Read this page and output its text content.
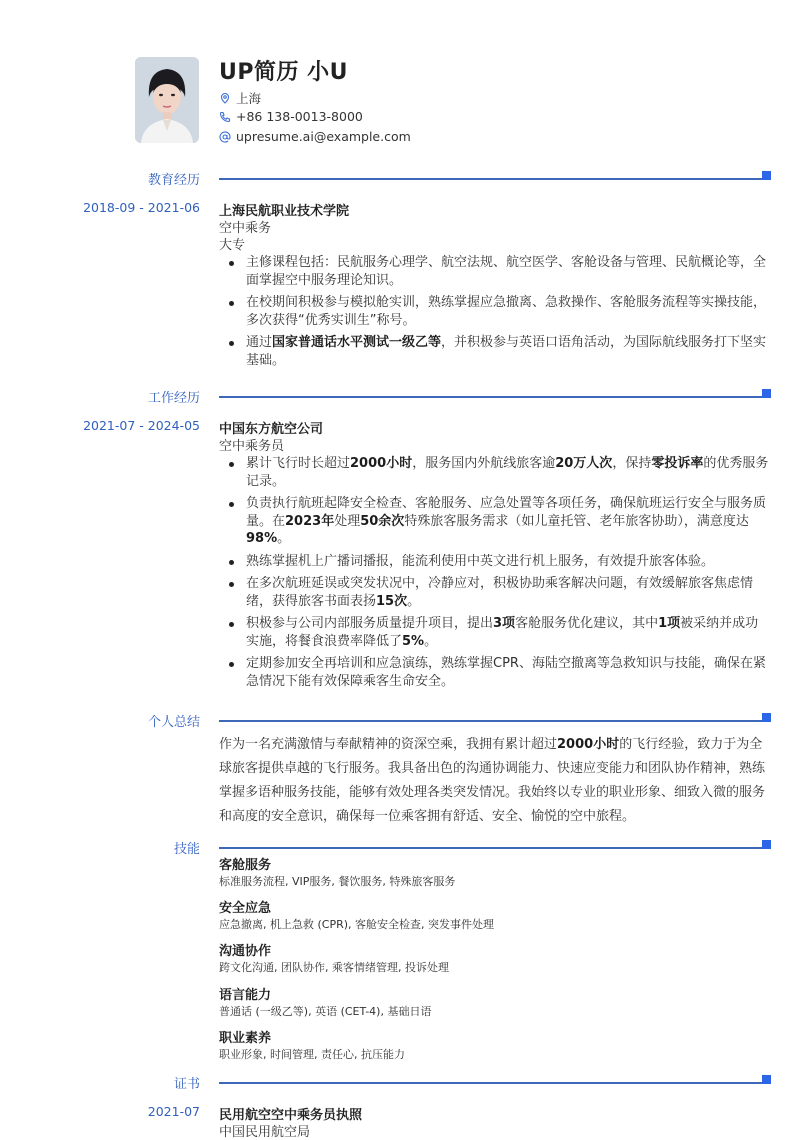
UP简历 小U
上海
+86 138-0013-8000
upresume.ai@example.com
教育经历
2018-09 - 2021-06 上海民航职业技术学院
空中乘务
大专
主修课程包括：民航服务心理学、航空法规、航空医学、客舱设备与管理、民航概论等，全面掌握空中服务理论知识。
在校期间积极参与模拟舱实训，熟练掌握应急撤离、急救操作、客舱服务流程等实操技能，多次获得“优秀实训生”称号。
通过国家普通话水平测试一级乙等，并积极参与英语口语角活动，为国际航线服务打下坚实基础。
工作经历
2021-07 - 2024-05 中国东方航空公司
空中乘务员
累计飞行时长超过2000小时，服务国内外航线旅客逾20万人次，保持零投诉率的优秀服务记录。
负责执行航班起降安全检查、客舱服务、应急处置等各项任务，确保航班运行安全与服务质量。在2023年处理50余次特殊旅客服务需求（如儿童托管、老年旅客协助），满意度达98%。
熟练掌握机上广播词播报，能流利使用中英文进行机上服务，有效提升旅客体验。
在多次航班延误或突发状况中，冷静应对，积极协助乘客解决问题，有效缓解旅客焦虑情绪，获得旅客书面表扬15次。
积极参与公司内部服务质量提升项目，提出3项客舱服务优化建议，其中1项被采纳并成功实施，将餐食浪费率降低了5%。
定期参加安全再培训和应急演练，熟练掌握CPR、海陆空撤离等急救知识与技能，确保在紧急情况下能有效保障乘客生命安全。
个人总结

作为一名充满激情与奉献精神的资深空乘，我拥有累计超过2000小时的飞行经验，致力于为全球旅客提供卓越的飞行服务。我具备出色的沟通协调能力、快速应变能力和团队协作精神，熟练掌握多语种服务技能，能够有效处理各类突发情况。我始终以专业的职业形象、细致入微的服务和高度的安全意识，确保每一位乘客拥有舒适、安全、愉悦的空中旅程。

技能
客舱服务
标准服务流程, VIP服务, 餐饮服务, 特殊旅客服务
安全应急
应急撤离, 机上急救 (CPR), 客舱安全检查, 突发事件处理
沟通协作
跨文化沟通, 团队协作, 乘客情绪管理, 投诉处理
语言能力
普通话 (一级乙等), 英语 (CET-4), 基础日语
职业素养
职业形象, 时间管理, 责任心, 抗压能力
证书
2021-07 民用航空空中乘务员执照
中国民用航空局
